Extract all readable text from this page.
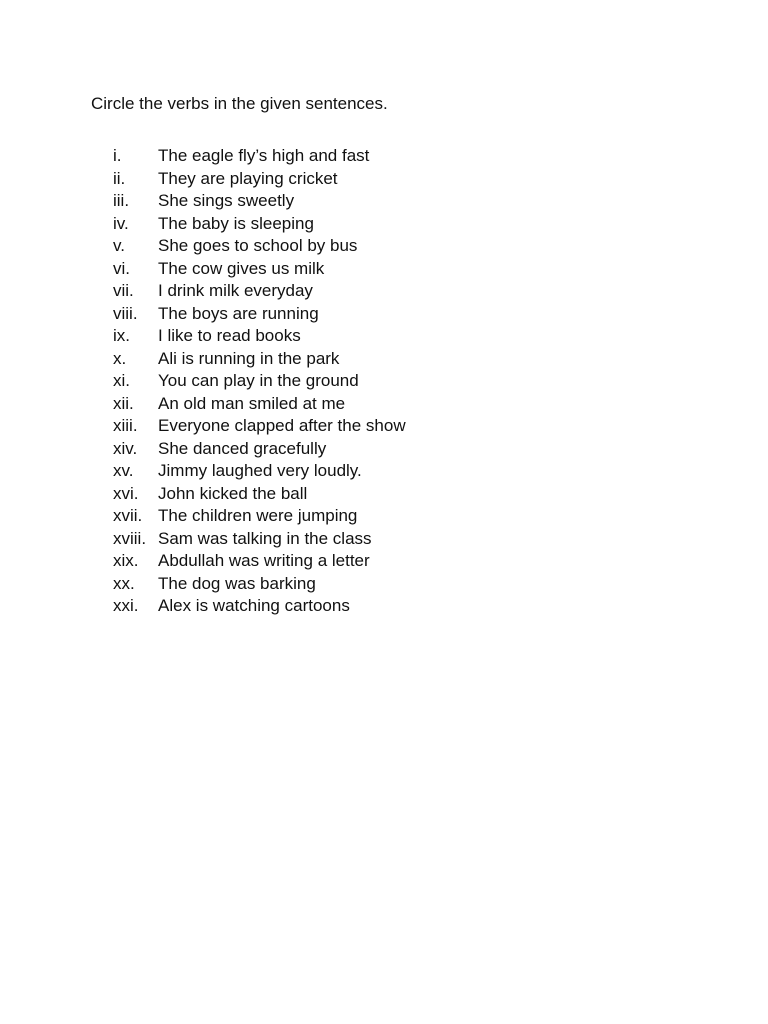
Circle the verbs in the given sentences.

i.	The eagle fly’s high and fast
ii.	They are playing cricket
iii.	She sings sweetly
iv.	The baby is sleeping
v.	She goes to school by bus
vi.	The cow gives us milk
vii.	I drink milk everyday
viii.	The boys are running
ix.	I like to read books
x.	Ali is running in the park
xi.	You can play in the ground
xii.	An old man smiled at me
xiii.	Everyone clapped after the show
xiv.	She danced gracefully
xv.	Jimmy laughed very loudly.
xvi.	John kicked the ball
xvii. The children were jumping
xviii. Sam was talking in the class
xix.	Abdullah was writing a letter
xx.	The dog was barking
xxi.	Alex is watching cartoons
